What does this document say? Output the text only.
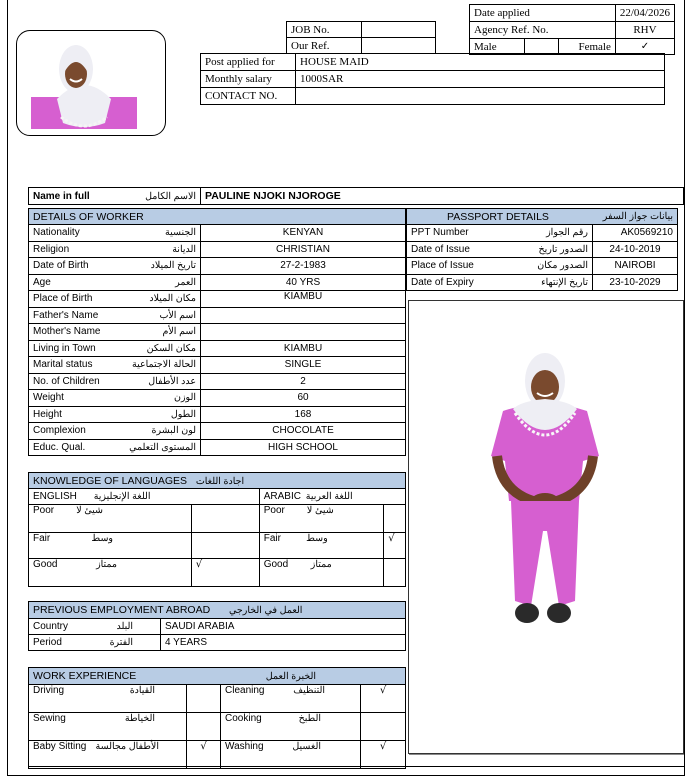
JOB No.	
Our Ref.	
Date applied			22/04/2026
Agency Ref. No.			RHV
Male		Female	✓
Post applied for	HOUSE MAID
Monthly salary	1000SAR
CONTACT NO.	
Name in full	الاسم الكامل	PAULINE NJOKI NJOROGE
DETAILS OF WORKER	

Nationality الجنسية	KENYAN

Religion الديانة	CHRISTIAN

Date of Birth تاريخ الميلاد	27-2-1983

Age العمر	40 YRS

Place of Birth مكان الميلاد	KIAMBU

Father's Name اسم الأب	

Mother's Name اسم الأم	

Living in Town مكان السكن	KIAMBU

Marital status الحالة الاجتماعية	SINGLE

No. of Children عدد الأطفال	2

Weight الوزن	60

Height الطول	168

Complexion لون البشرة	CHOCOLATE

Educ. Qual. المستوى التعلمي	HIGH SCHOOL
PASSPORT DETAILS بيانات جواز السفر	

PPT Number رقم الجواز	AK0569210

Date of Issue الصدور تاريخ	24-10-2019

Place of Issue الصدور مكان	NAIROBI

Date of Expiry تاريخ الإنتهاء	23-10-2029
KNOWLEDGE OF LANGUAGES اجادة اللغات			
ENGLISH اللغة الإنجليزية		ARABIC اللغة العربية	

Poor شيئ لا		Poor شيئ لا	

Fair وسط		Fair وسط	√

Good ممتاز	√	Good ممتاز	

PREVIOUS EMPLOYMENT ABROAD العمل في الخارجي	

Country البلد	SAUDI ARABIA

Period الفترة	4 YEARS
WORK EXPERIENCE الخبرة العمل			

Driving القيادة		Cleaning التنظيف	√

Sewing الخياطة		Cooking الطبخ	

Baby Sitting الأطفال مجالسة	√	Washing الغسيل	√
